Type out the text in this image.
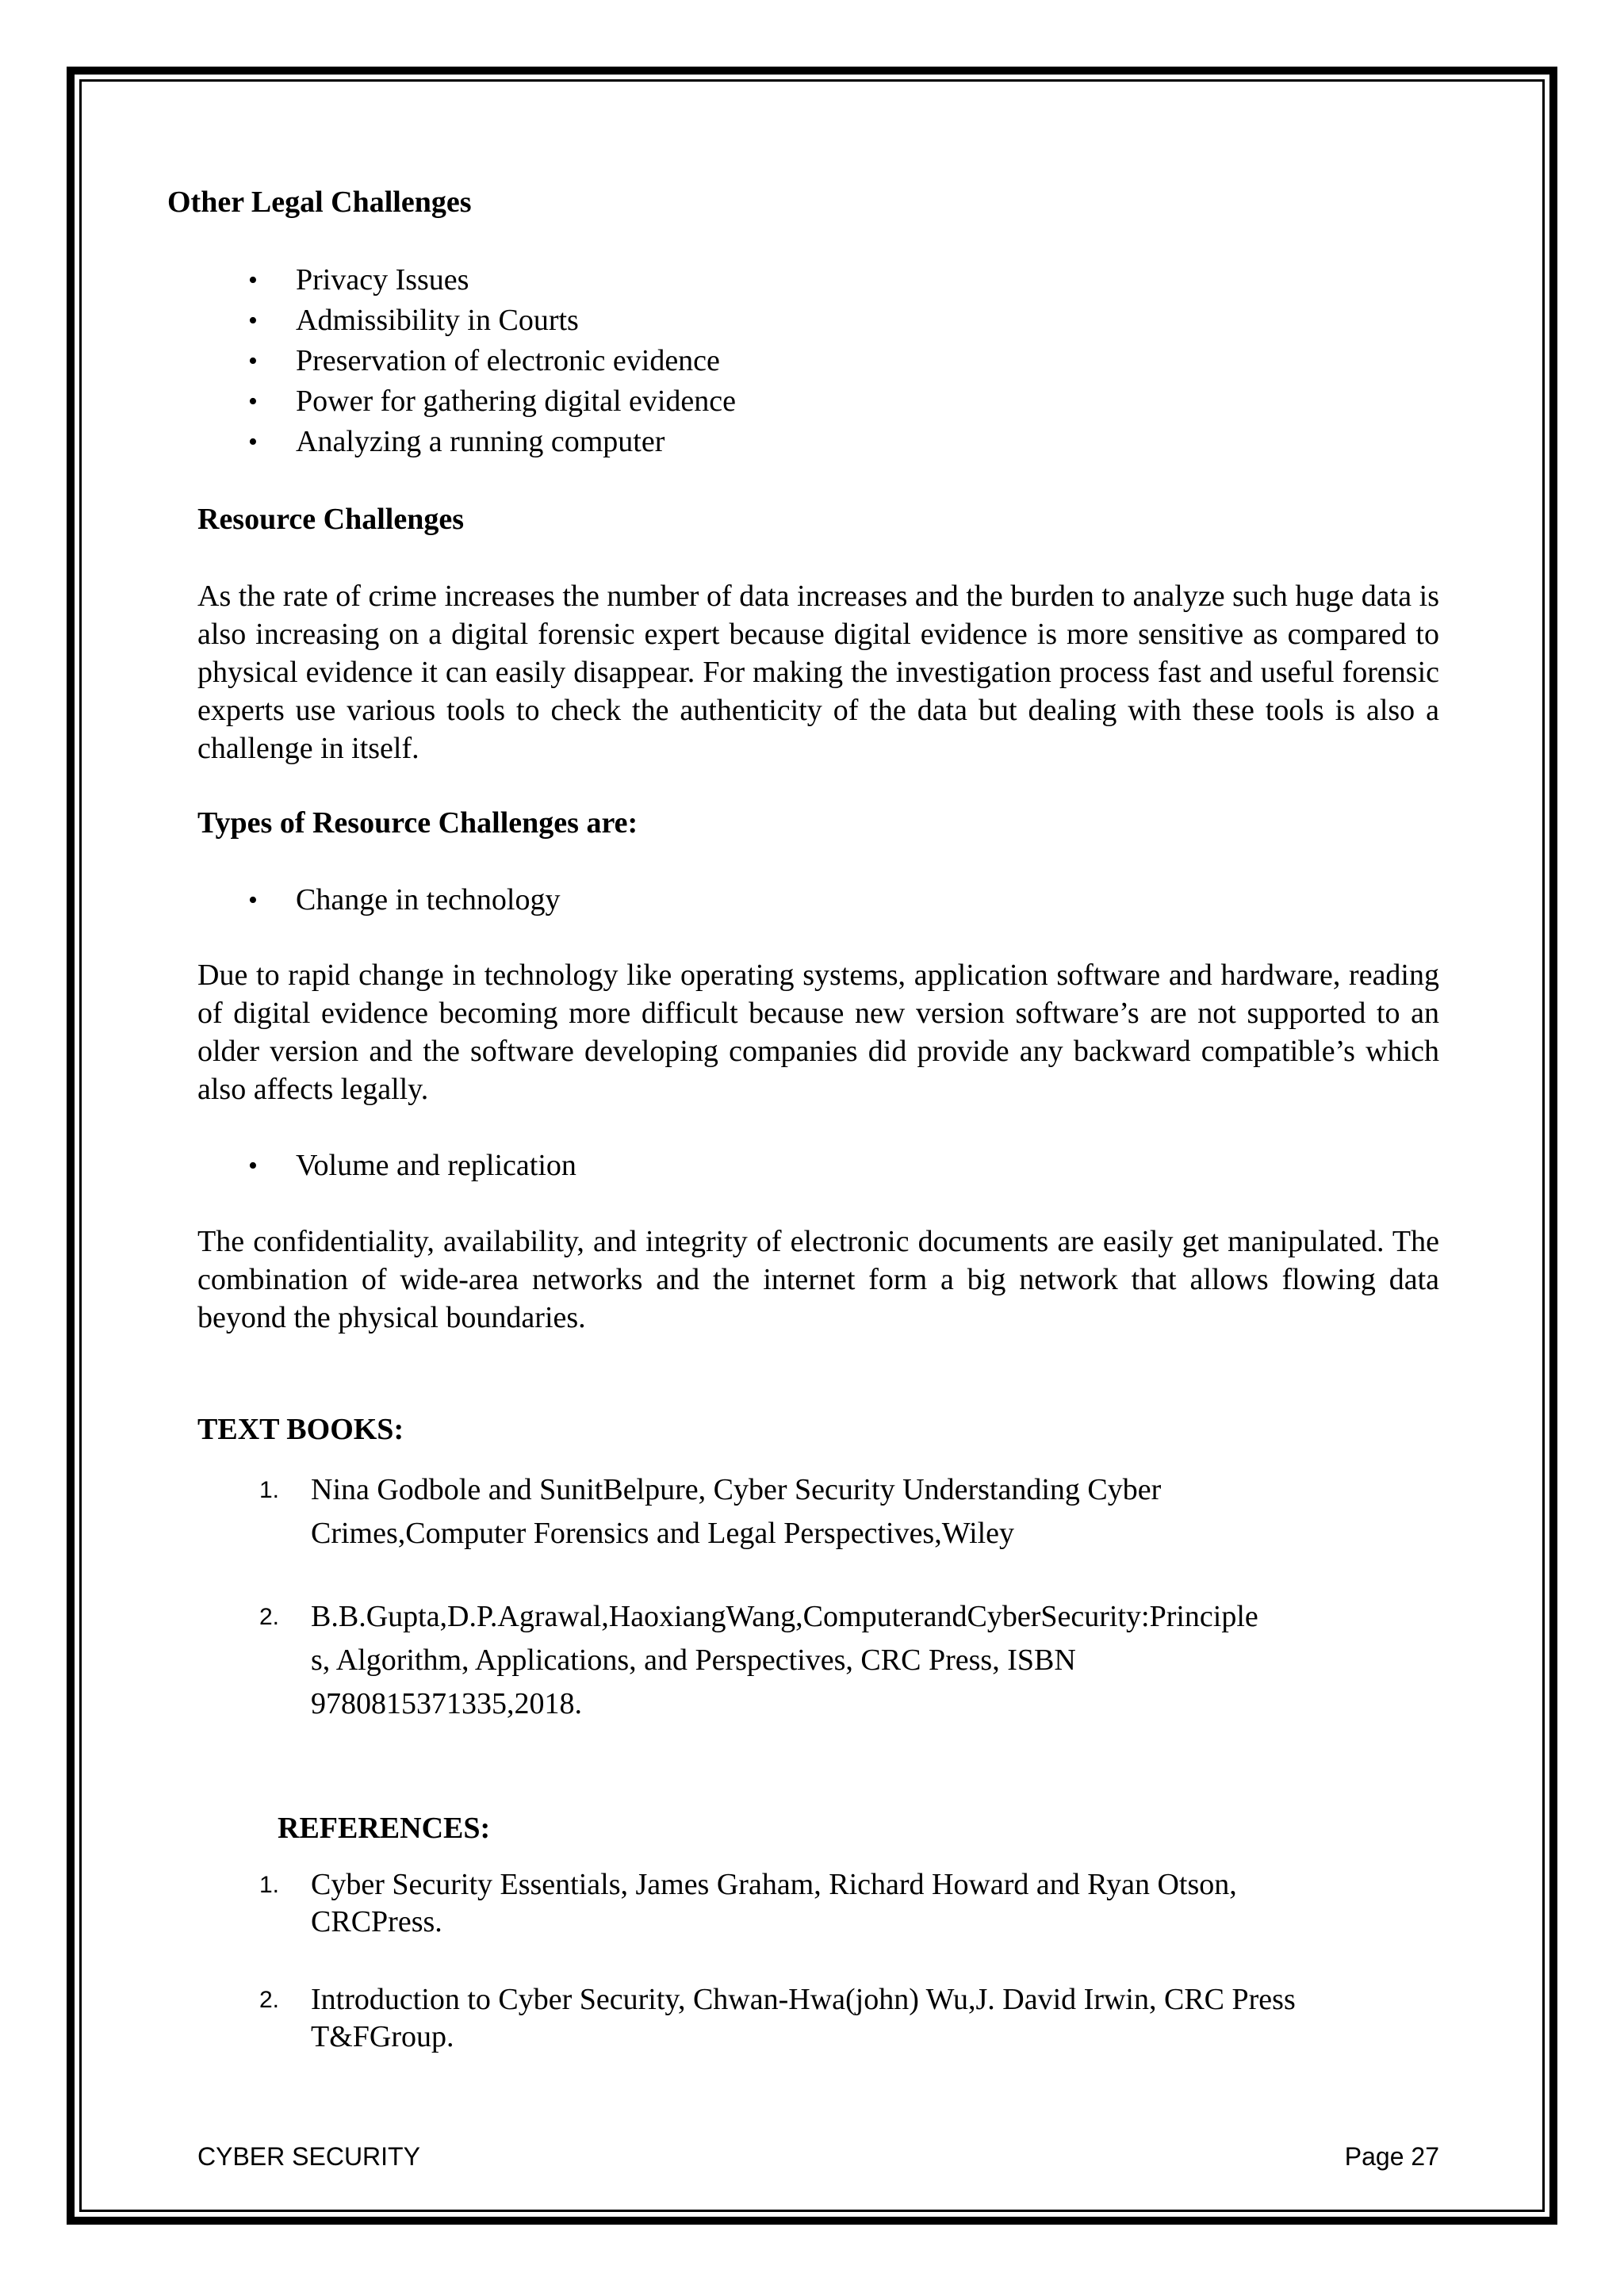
Other Legal Challenges
• Privacy Issues
• Admissibility in Courts
• Preservation of electronic evidence
• Power for gathering digital evidence
• Analyzing a running computer
Resource Challenges

As the rate of crime increases the number of data increases and the burden to analyze such huge data is also increasing on a digital forensic expert because digital evidence is more sensitive as compared to physical evidence it can easily disappear. For making the investigation process fast and useful forensic experts use various tools to check the authenticity of the data but dealing with these tools is also a challenge in itself.

Types of Resource Challenges are:
• Change in technology

Due to rapid change in technology like operating systems, application software and hardware, reading of digital evidence becoming more difficult because new version software’s are not supported to an older version and the software developing companies did provide any backward compatible’s which also affects legally.

• Volume and replication

The confidentiality, availability, and integrity of electronic documents are easily get manipulated. The combination of wide-area networks and the internet form a big network that allows flowing data beyond the physical boundaries.

TEXT BOOKS:
1. Nina Godbole and SunitBelpure, Cyber Security Understanding Cyber
Crimes,Computer Forensics and Legal Perspectives,Wiley
2. B.B.Gupta,D.P.Agrawal,HaoxiangWang,ComputerandCyberSecurity:Principle
s, Algorithm, Applications, and Perspectives, CRC Press, ISBN
9780815371335,2018.
REFERENCES:
1. Cyber Security Essentials, James Graham, Richard Howard and Ryan Otson,
CRCPress.
2. Introduction to Cyber Security, Chwan-Hwa(john) Wu,J. David Irwin, CRC Press
T&FGroup.
CYBER SECURITY	Page 27
